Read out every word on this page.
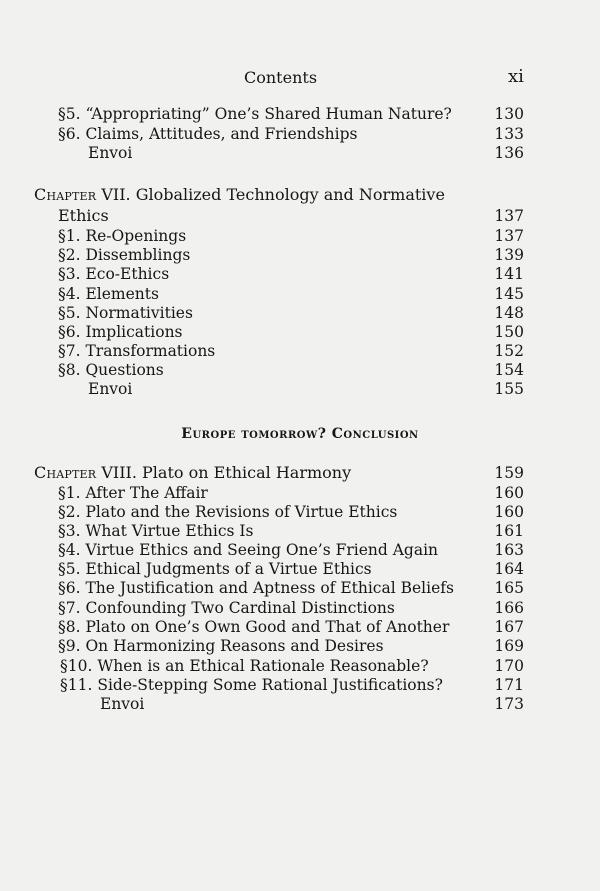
Contents	xi
§5. “Appropriating” One’s Shared Human Nature?	130
§6. Claims, Attitudes, and Friendships	133
Envoi	136
Chapter VII. Globalized Technology and Normative
Ethics	137
§1. Re-Openings	137
§2. Dissemblings	139
§3. Eco-Ethics	141
§4. Elements	145
§5. Normativities	148
§6. Implications	150
§7. Transformations	152
§8. Questions	154
Envoi	155
Europe tomorrow? Conclusion
Chapter VIII. Plato on Ethical Harmony	159
§1. After The Affair	160
§2. Plato and the Revisions of Virtue Ethics	160
§3. What Virtue Ethics Is	161
§4. Virtue Ethics and Seeing One’s Friend Again	163
§5. Ethical Judgments of a Virtue Ethics	164
§6. The Justification and Aptness of Ethical Beliefs	165
§7. Confounding Two Cardinal Distinctions	166
§8. Plato on One’s Own Good and That of Another	167
§9. On Harmonizing Reasons and Desires	169
§10. When is an Ethical Rationale Reasonable?	170
§11. Side-Stepping Some Rational Justifications?	171
Envoi	173
